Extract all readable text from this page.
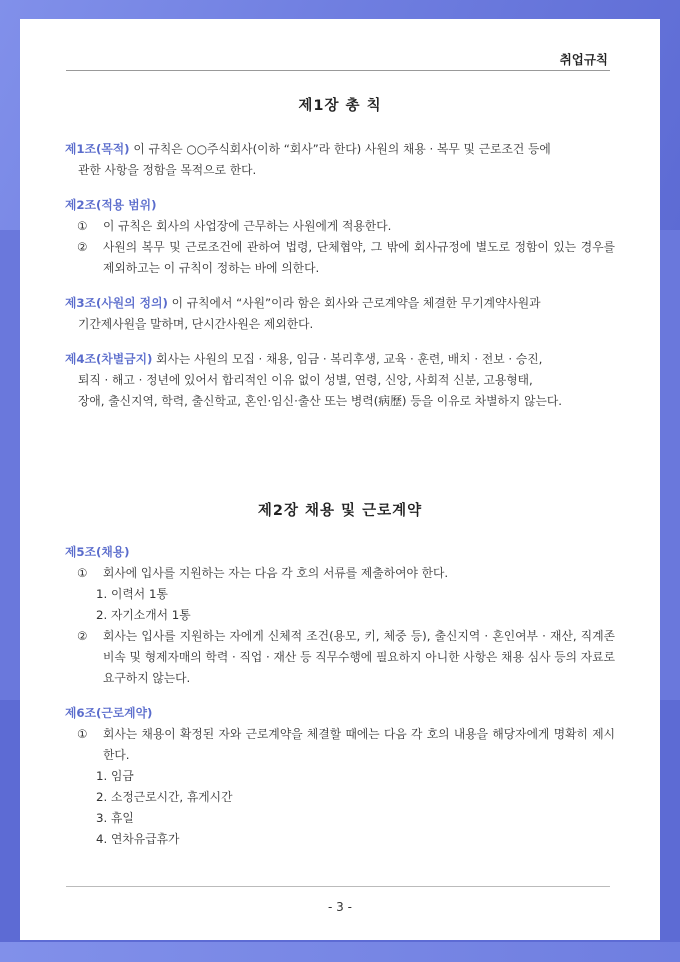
취업규칙
제1장 총 칙
제1조(목적) 이 규칙은 ○○주식회사(이하 “회사”라 한다) 사원의 채용 · 복무 및 근로조건 등에
관한 사항을 정함을 목적으로 한다.
제2조(적용 범위)
①	이 규칙은 회사의 사업장에 근무하는 사원에게 적용한다.
②	사원의 복무 및 근로조건에 관하여 법령, 단체협약, 그 밖에 회사규정에 별도로 정함이 있는 경우를 제외하고는 이 규칙이 정하는 바에 의한다.
제3조(사원의 정의) 이 규칙에서 “사원”이라 함은 회사와 근로계약을 체결한 무기계약사원과
기간제사원을 말하며, 단시간사원은 제외한다.
제4조(차별금지) 회사는 사원의 모집 · 채용, 임금 · 복리후생, 교육 · 훈련, 배치 · 전보 · 승진,
퇴직 · 해고 · 정년에 있어서 합리적인 이유 없이 성별, 연령, 신앙, 사회적 신분, 고용형태,
장애, 출신지역, 학력, 출신학교, 혼인·임신·출산 또는 병력(病歷) 등을 이유로 차별하지 않는다.
제2장 채용 및 근로계약
제5조(채용)
①	회사에 입사를 지원하는 자는 다음 각 호의 서류를 제출하여야 한다.
1. 이력서 1통
2. 자기소개서 1통
②	회사는 입사를 지원하는 자에게 신체적 조건(용모, 키, 체중 등), 출신지역 · 혼인여부 · 재산, 직계존비속 및 형제자매의 학력 · 직업 · 재산 등 직무수행에 필요하지 아니한 사항은 채용 심사 등의 자료로 요구하지 않는다.
제6조(근로계약)
①	회사는 채용이 확정된 자와 근로계약을 체결할 때에는 다음 각 호의 내용을 해당자에게 명확히 제시한다.
1. 임금
2. 소정근로시간, 휴게시간
3. 휴일
4. 연차유급휴가
- 3 -
